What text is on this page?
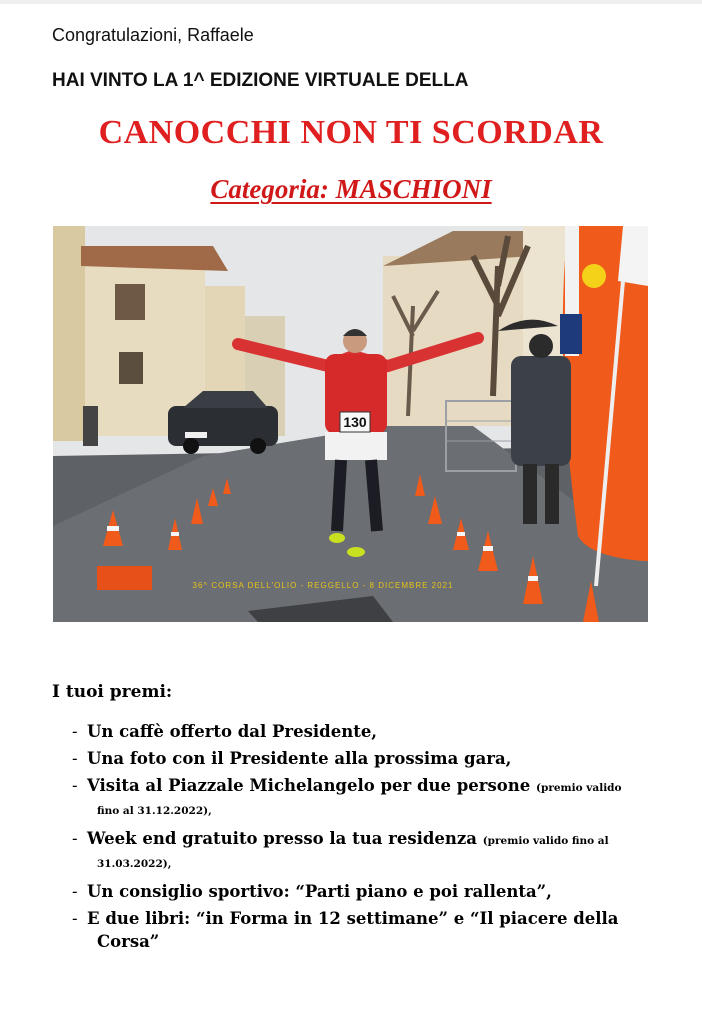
Congratulazioni, Raffaele
HAI VINTO LA 1^ EDIZIONE VIRTUALE DELLA
CANOCCHI NON TI SCORDAR
Categoria: MASCHIONI
130
36^ CORSA DELL'OLIO - REGGELLO - 8 DICEMBRE 2021
I tuoi premi:
- Un caffè offerto dal Presidente,
- Una foto con il Presidente alla prossima gara,
- Visita al Piazzale Michelangelo per due persone (premio valido
fino al 31.12.2022),
- Week end gratuito presso la tua residenza (premio valido fino al
31.03.2022),
- Un consiglio sportivo: “Parti piano e poi rallenta”,
- E due libri: “in Forma in 12 settimane” e “Il piacere della
Corsa”
